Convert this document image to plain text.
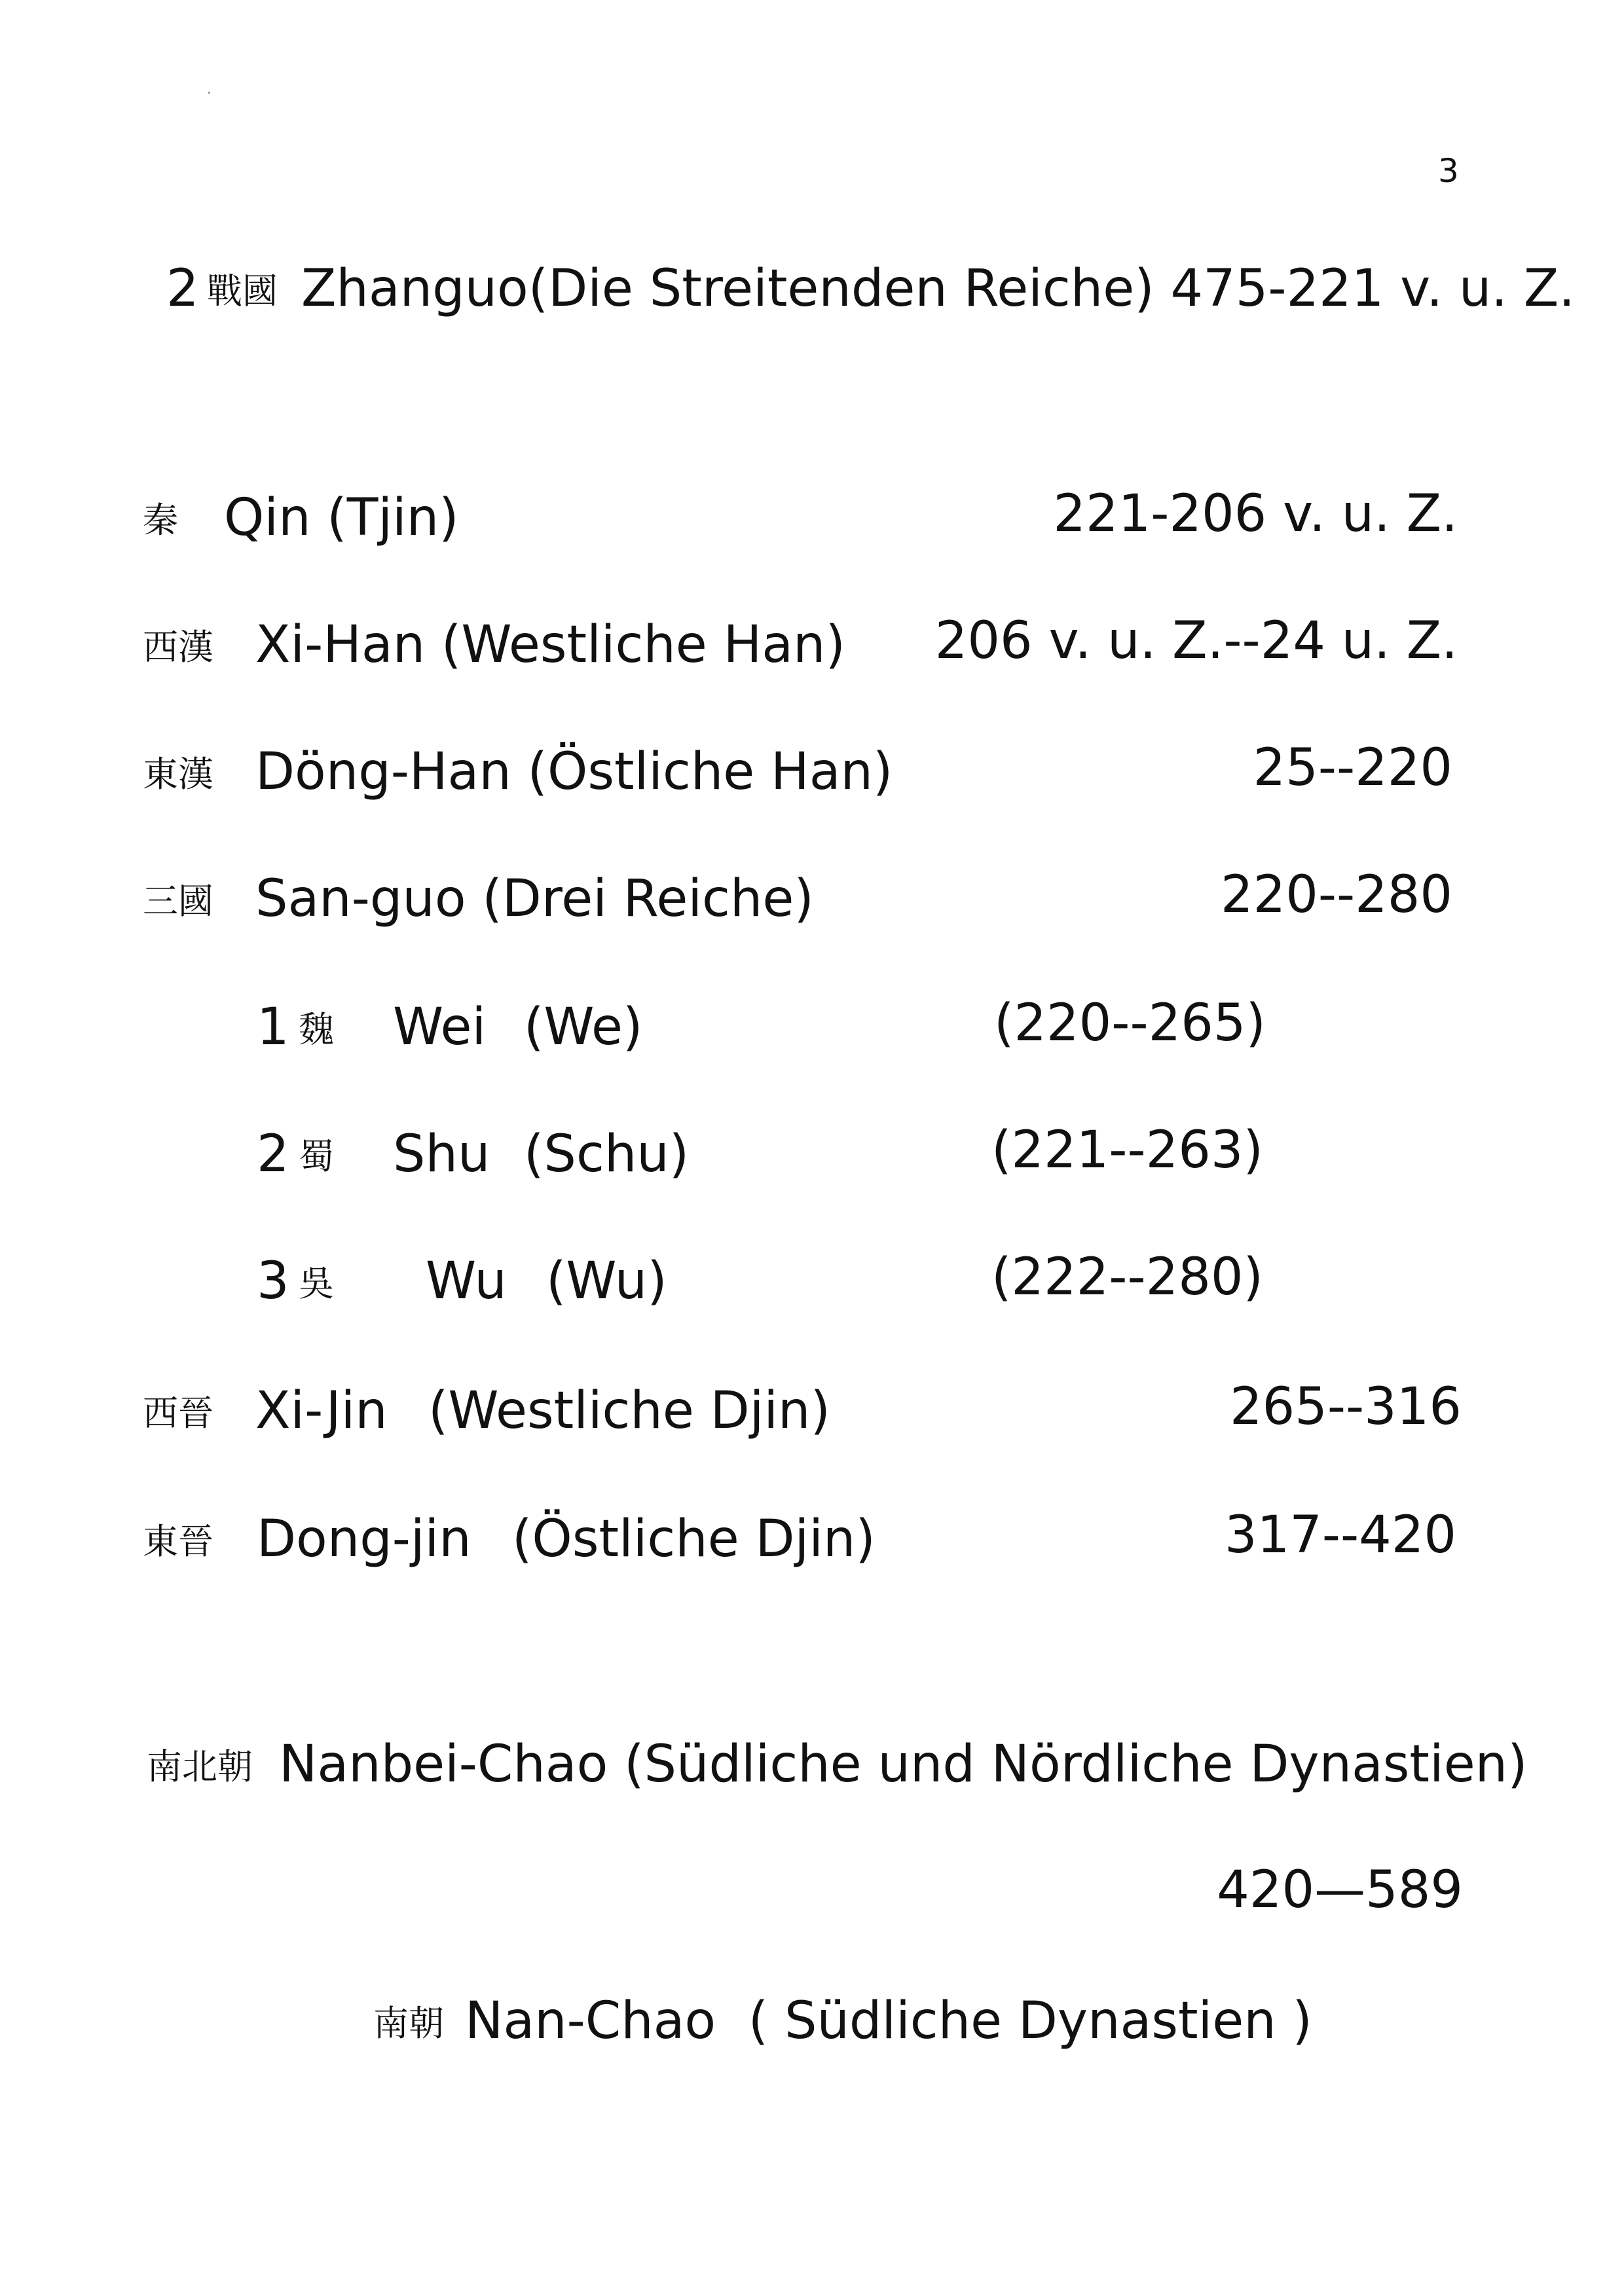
3
2 戰國 Zhanguo(Die Streitenden Reiche) 475-221 v. u. Z.
秦 Qin (Tjin)	221-206 v. u. Z.
西漢 Xi-Han (Westliche Han) 206 v. u. Z.--24 u. Z.
東漢 Döng-Han (Östliche Han)	25--220
三國 San-guo (Drei Reiche)	220--280
1 魏 Wei (We)	(220--265)
2 蜀 Shu (Schu)	(221--263)
3 吳 Wu (Wu)	(222--280)
西晉 Xi-Jin (Westliche Djin)	265--316
東晉 Dong-jin (Östliche Djin)	317--420
南北朝 Nanbei-Chao (Südliche und Nördliche Dynastien)
420—589
南朝 Nan-Chao  ( Südliche Dynastien )
